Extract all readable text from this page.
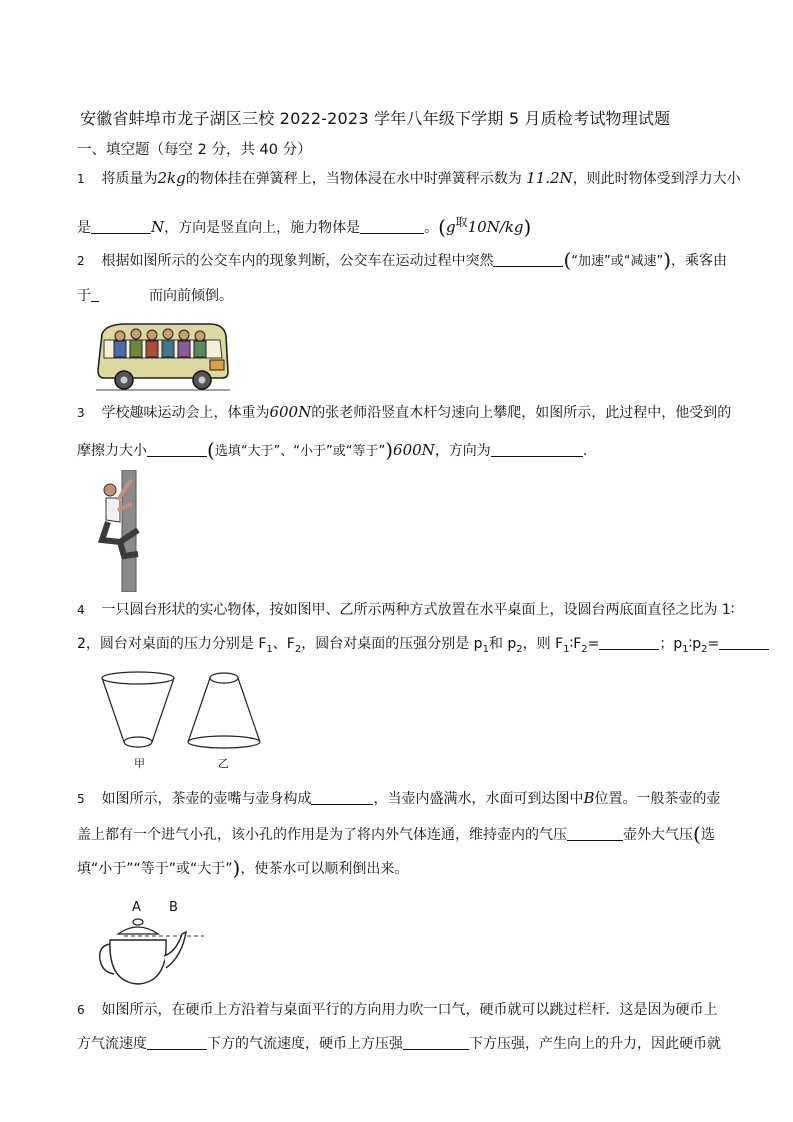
安徽省蚌埠市龙子湖区三校 2022-2023 学年八年级下学期 5 月质检考试物理试题
一、填空题（每空 2 分，共 40 分）
1 将质量为2kg的物体挂在弹簧秤上，当物体浸在水中时弹簧秤示数为 11.2N，则此时物体受到浮力大小
是	N，方向是竖直向上，施力物体是	。(g取10N/kg)
2 根据如图所示的公交车内的现象判断，公交车在运动过程中突然	(“加速”或“减速”)，乘客由
于	而向前倾倒。
3 学校趣味运动会上，体重为600N的张老师沿竖直木杆匀速向上攀爬，如图所示，此过程中，他受到的
摩擦力大小	(选填“大于”、“小于”或“等于”)600N，方向为	.
4 一只圆台形状的实心物体，按如图甲、乙所示两种方式放置在水平桌面上，设圆台两底面直径之比为 1∶
2，圆台对桌面的压力分别是 $F_1$、$F_2$，圆台对桌面的压强分别是 $p_1$和 $p_2$，则 $F_1∶F_2=$	；$p_1∶p_2=$
甲	乙
5 如图所示，茶壶的壶嘴与壶身构成	，当壶内盛满水，水面可到达图中B位置。一般茶壶的壶
盖上都有一个进气小孔，该小孔的作用是为了将内外气体连通，维持壶内的气压	壶外大气压(选
填“小于”“等于”或“大于”)，使茶水可以顺利倒出来。
A B
6 如图所示，在硬币上方沿着与桌面平行的方向用力吹一口气，硬币就可以跳过栏杆．这是因为硬币上
方气流速度	下方的气流速度，硬币上方压强	下方压强，产生向上的升力，因此硬币就
